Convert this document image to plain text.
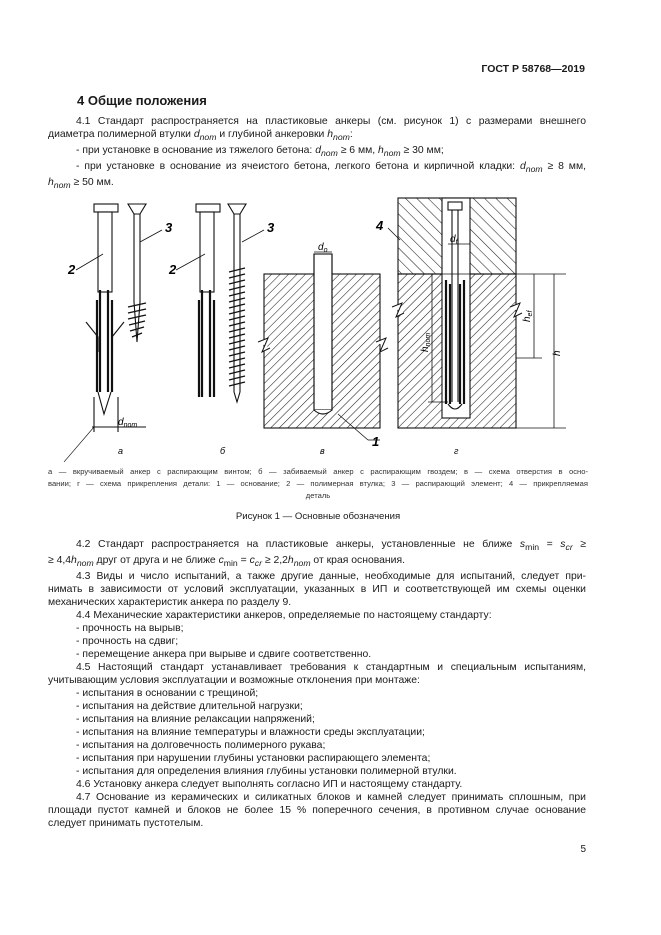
ГОСТ Р 58768—2019
4 Общие положения

4.1 Стандарт распространяется на пластиковые анкеры (см. рисунок 1) с размерами внешнего

диаметра полимерной втулки $d_{nom}$ и глубиной анкеровки $h_{nom}$:

- при установке в основание из тяжелого бетона: $d_{nom} \ge 6$ мм, $h_{nom} \ge 30$ мм;

- при установке в основание из ячеистого бетона, легкого бетона и кирпичной кладки: $d_{nom} \ge 8$ мм,

$h_{nom} \ge 50$ мм.

2
3
$d_{nom}$
а
2
3
б
$d_o$
1
в
4
$d_f$
$h_{nom}$
$h_{ef}$
h
г
а — вкручиваемый анкер с распирающим винтом; б — забиваемый анкер с распирающим гвоздем; в — схема отверстия в осно-
вании; г — схема прикрепления детали: 1 — основание; 2 — полимерная втулка; 3 — распирающий элемент; 4 — прикрепляемая
деталь
Рисунок 1 — Основные обозначения

4.2 Стандарт распространяется на пластиковые анкеры, установленные не ближе $s_{min} = s_{cr}$ ≥

≥ $4,4h_{nom}$ друг от друга и не ближе $c_{min} = c_{cr} \ge 2,2h_{nom}$ от края основания.

4.3 Виды и число испытаний, а также другие данные, необходимые для испытаний, следует при-

нимать в зависимости от условий эксплуатации, указанных в ИП и соответствующей им схемы оценки

механических характеристик анкера по разделу 9.

4.4 Механические характеристики анкеров, определяемые по настоящему стандарту:

- прочность на вырыв;

- прочность на сдвиг;

- перемещение анкера при вырыве и сдвиге соответственно.

4.5 Настоящий стандарт устанавливает требования к стандартным и специальным испытаниям,

учитывающим условия эксплуатации и возможные отклонения при монтаже:

- испытания в основании с трещиной;

- испытания на действие длительной нагрузки;

- испытания на влияние релаксации напряжений;

- испытания на влияние температуры и влажности среды эксплуатации;

- испытания на долговечность полимерного рукава;

- испытания при нарушении глубины установки распирающего элемента;

- испытания для определения влияния глубины установки полимерной втулки.

4.6 Установку анкера следует выполнять согласно ИП и настоящему стандарту.

4.7 Основание из керамических и силикатных блоков и камней следует принимать сплошным, при

площади пустот камней и блоков не более 15 % поперечного сечения, в противном случае основание

следует принимать пустотелым.

5
